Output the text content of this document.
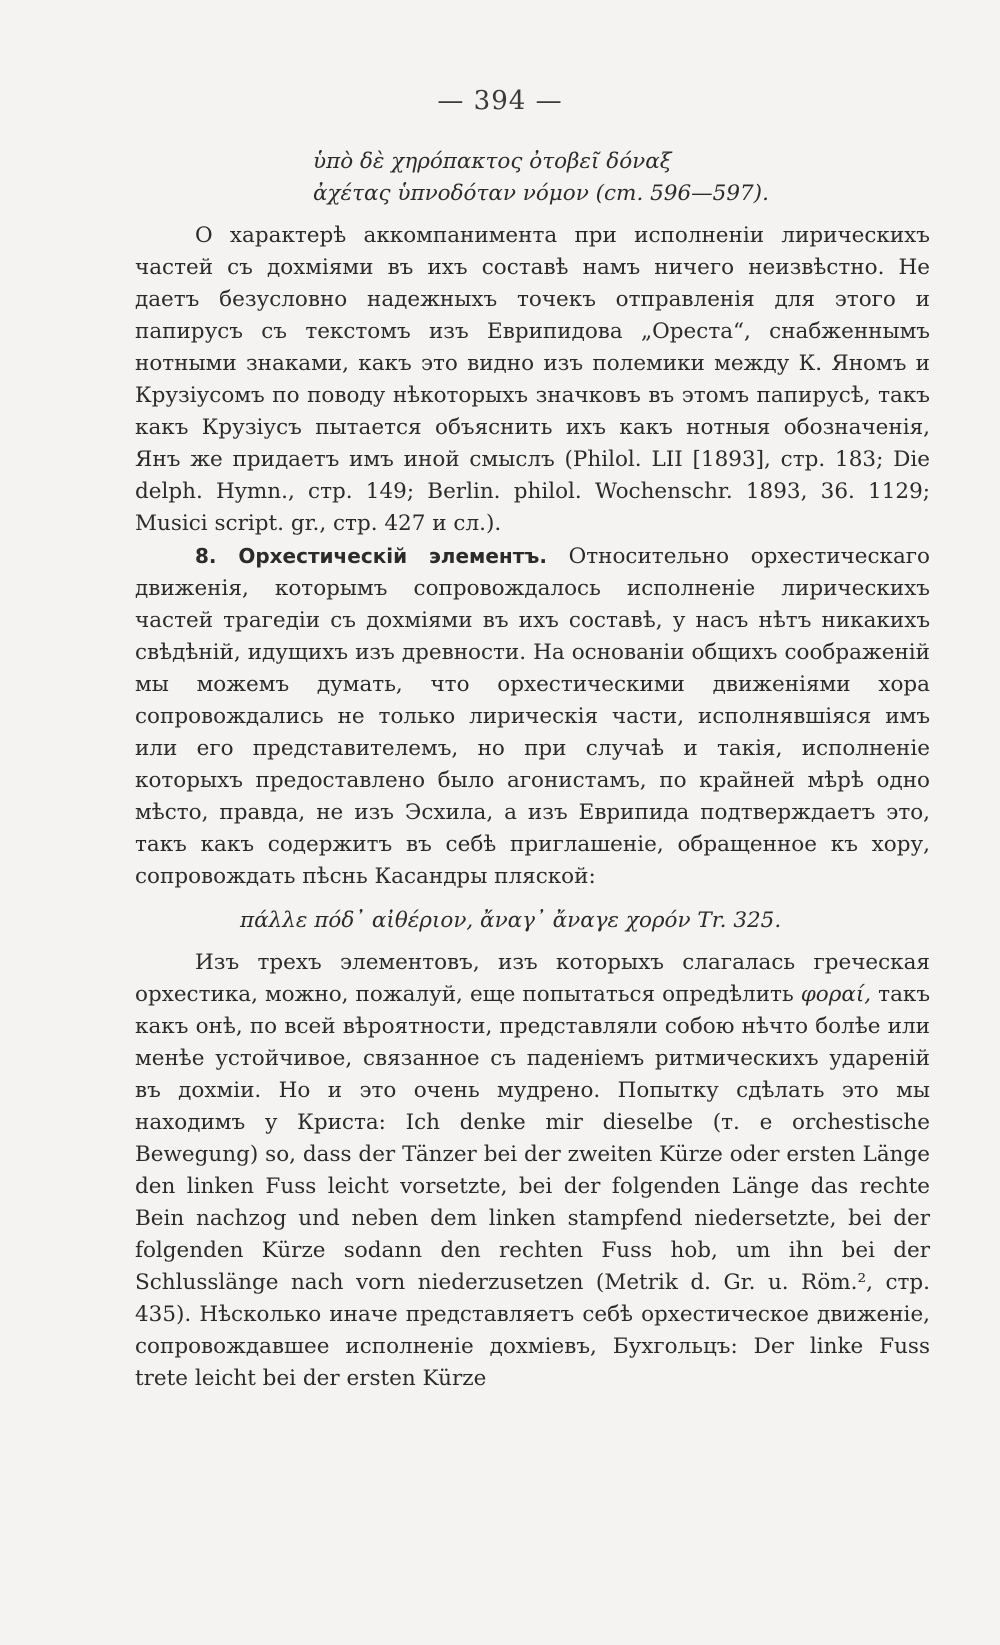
— 394 —

ὑπὸ δὲ χηρόπακτος ὀτοβεῖ δόναξ

ἀχέτας ὑπνοδόταν νόμον (ст. 596—597).

О характерѣ аккомпанимента при исполненіи лирическихъ частей съ дохміями въ ихъ составѣ намъ ничего неизвѣстно. Не даетъ безусловно надежныхъ точекъ отправленія для этого и папирусъ съ текстомъ изъ Еврипидова „Ореста“, снабженнымъ нотными знаками, какъ это видно изъ полемики между К. Яномъ и Крузіусомъ по поводу нѣкоторыхъ значковъ въ этомъ папирусѣ, такъ какъ Крузіусъ пытается объяснить ихъ какъ нотныя обозначенія, Янъ же придаетъ имъ иной смыслъ (Philol. LII [1893], стр. 183; Die delph. Hymn., стр. 149; Berlin. philol. Wochenschr. 1893, 36. 1129; Musici script. gr., стр. 427 и сл.).

8. Орхестическій элементъ. Относительно орхестическаго движенія, которымъ сопровождалось исполненіе лирическихъ частей трагедіи съ дохміями въ ихъ составѣ, у насъ нѣтъ никакихъ свѣдѣній, идущихъ изъ древности. На основаніи общихъ соображеній мы можемъ думать, что орхестическими движеніями хора сопровождались не только лирическія части, исполнявшіяся имъ или его представителемъ, но при случаѣ и такія, исполненіе которыхъ предоставлено было агонистамъ, по крайней мѣрѣ одно мѣсто, правда, не изъ Эсхила, а изъ Еврипида подтверждаетъ это, такъ какъ содержитъ въ себѣ приглашеніе, обращенное къ хору, сопровождать пѣснь Касандры пляской:

πάλλε πόδ᾽ αἰθέριον, ἄναγ᾽ ἄναγε χορόν Tr. 325.

Изъ трехъ элементовъ, изъ которыхъ слагалась греческая орхестика, можно, пожалуй, еще попытаться опредѣлить φοραί, такъ какъ онѣ, по всей вѣроятности, представляли собою нѣчто болѣе или менѣе устойчивое, связанное съ паденіемъ ритмическихъ удареній въ дохміи. Но и это очень мудрено. Попытку сдѣлать это мы находимъ у Криста: Ich denke mir dieselbe (т. е orchestische Bewegung) so, dass der Tänzer bei der zweiten Kürze oder ersten Länge den linken Fuss leicht vorsetzte, bei der folgenden Länge das rechte Bein nachzog und neben dem linken stampfend niedersetzte, bei der folgenden Kürze sodann den rechten Fuss hob, um ihn bei der Schlusslänge nach vorn niederzusetzen (Metrik d. Gr. u. Röm.², стр. 435). Нѣсколько иначе представляетъ себѣ орхестическое движеніе, сопровождавшее исполненіе дохміевъ, Бухгольцъ: Der linke Fuss trete leicht bei der ersten Kürze
